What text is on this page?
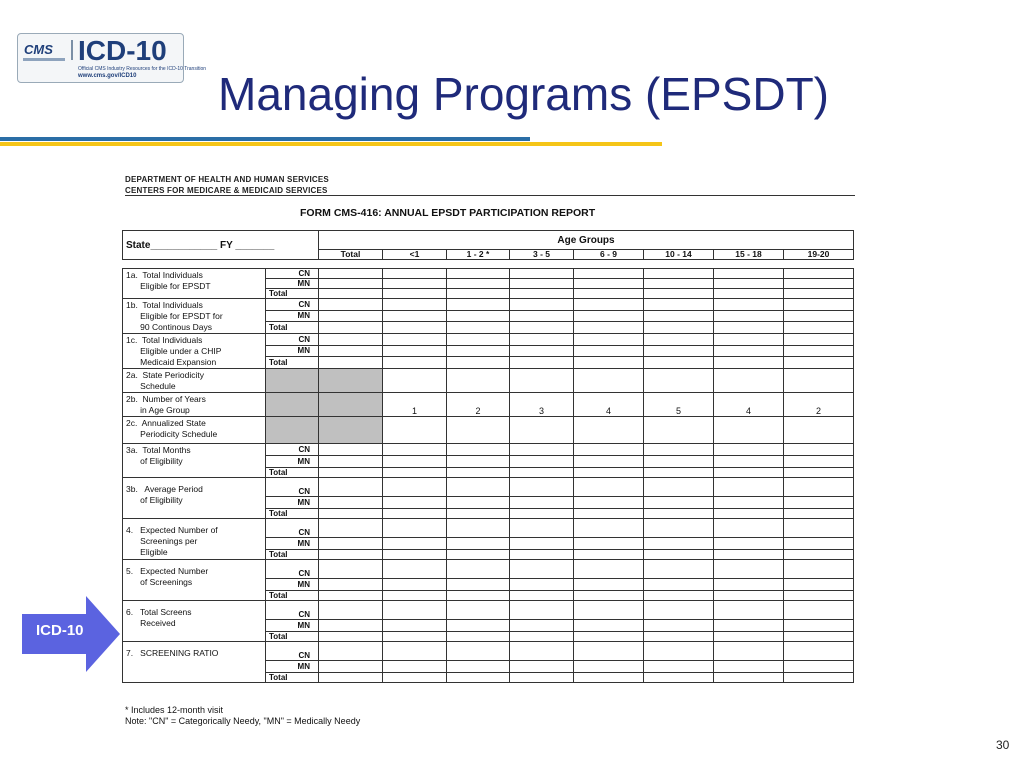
CMS ICD-10
Official CMS Industry Resources for the ICD-10 Transition
www.cms.gov/ICD10 Managing Programs (EPSDT)
DEPARTMENT OF HEALTH AND HUMAN SERVICES
CENTERS FOR MEDICARE & MEDICAID SERVICES
FORM CMS-416: ANNUAL EPSDT PARTICIPATION REPORT
State____________ FY _______		Age Groups							
		Total	<1	1 - 2 *	3 - 5	6 - 9	10 - 14	15 - 18	19-20

1a.  Total Individuals
Eligible for EPSDT	CN								
	MN								
	Total								
1b.  Total Individuals
Eligible for EPSDT for
90 Continous Days	CN								
	MN								
	Total								
1c.  Total Individuals
Eligible under a CHIP
Medicaid Expansion	CN								
	MN								
	Total								
2a.  State Periodicity
Schedule									
2b.  Number of Years
in Age Group			1	2	3	4	5	4	2
2c.  Annualized State
Periodicity Schedule									
3a.  Total Months
of Eligibility	CN								
	MN								
	Total								
3b.   Average Period
of Eligibility	CN								
	MN								
	Total								
4.   Expected Number of
Screenings per
Eligible	CN								
	MN								
	Total								
5.   Expected Number
of Screenings	CN								
	MN								
	Total								
6.   Total Screens
Received	CN								
	MN								
	Total								
7.   SCREENING RATIO	CN								
	MN								
	Total								
* Includes 12-month visit
Note: "CN" = Categorically Needy, "MN" = Medically Needy
ICD-10
30
